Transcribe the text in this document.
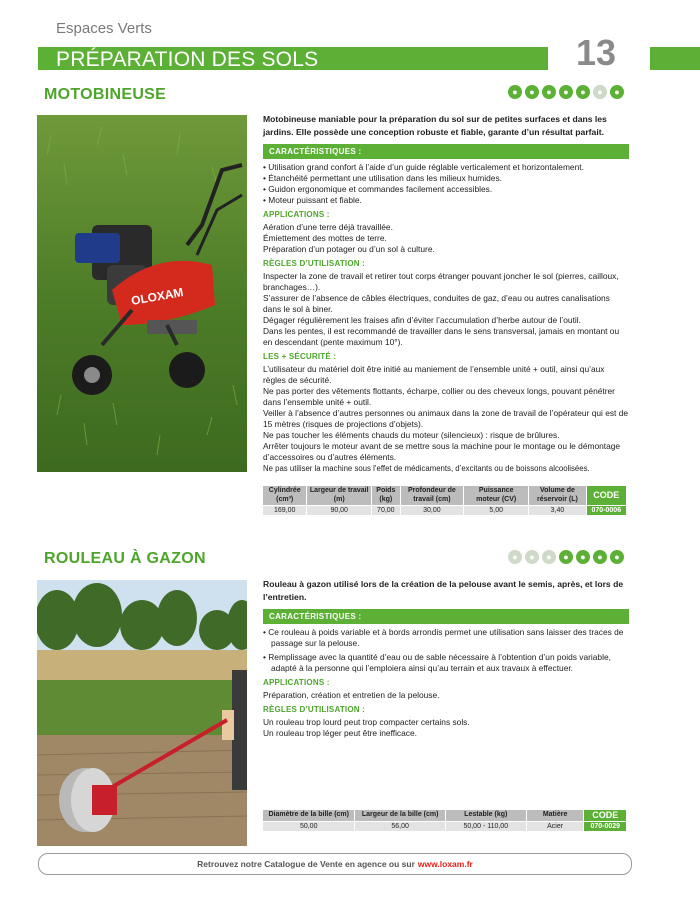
Espaces Verts
PRÉPARATION DES SOLS	13
MOTOBINEUSE	●	●	●	●	●	●	●
OLOXAM
Motobineuse maniable pour la préparation du sol sur de petites surfaces et dans les jardins. Elle possède une conception robuste et fiable, garante d’un résultat parfait.
CARACTÉRISTIQUES :
• Utilisation grand confort à l’aide d’un guide réglable verticalement et horizontalement.
• Étanchéité permettant une utilisation dans les milieux humides.
• Guidon ergonomique et commandes facilement accessibles.
• Moteur puissant et fiable.
APPLICATIONS :
Aération d’une terre déjà travaillée.
Émiettement des mottes de terre.
Préparation d’un potager ou d’un sol à culture.
RÈGLES D’UTILISATION :
Inspecter la zone de travail et retirer tout corps étranger pouvant joncher le sol (pierres, cailloux, branchages…).
S’assurer de l’absence de câbles électriques, conduites de gaz, d’eau ou autres canalisations dans le sol à biner.
Dégager régulièrement les fraises afin d’éviter l’accumulation d’herbe autour de l’outil.
Dans les pentes, il est recommandé de travailler dans le sens transversal, jamais en montant ou en descendant (pente maximum 10°).
LES + SÉCURITÉ :
L’utilisateur du matériel doit être initié au maniement de l’ensemble unité + outil, ainsi qu’aux règles de sécurité.
Ne pas porter des vêtements flottants, écharpe, collier ou des cheveux longs, pouvant pénétrer dans l’ensemble unité + outil.
Veiller à l’absence d’autres personnes ou animaux dans la zone de travail de l’opérateur qui est de 15 mètres (risques de projections d’objets).
Ne pas toucher les éléments chauds du moteur (silencieux) : risque de brûlures.
Arrêter toujours le moteur avant de se mettre sous la machine pour le montage ou le démontage d’accessoires ou d’autres éléments.
Ne pas utiliser la machine sous l’effet de médicaments, d’excitants ou de boissons alcoolisées.
Cylindrée (cm³)	Largeur de travail (m)	Poids (kg)	Profondeur de travail (cm)	Puissance moteur (CV)	Volume de réservoir (L)	CODE
169,00	90,00	70,00	30,00	5,00	3,40	070-0006
ROULEAU À GAZON	●	●	●	●	●	●	●
Rouleau à gazon utilisé lors de la création de la pelouse avant le semis, après, et lors de l’entretien.
CARACTÉRISTIQUES :
• Ce rouleau à poids variable et à bords arrondis permet une utilisation sans laisser des traces de passage sur la pelouse.
• Remplissage avec la quantité d’eau ou de sable nécessaire à l’obtention d’un poids variable, adapté à la personne qui l’emploiera ainsi qu’au terrain et aux travaux à effectuer.
APPLICATIONS :
Préparation, création et entretien de la pelouse.
RÈGLES D’UTILISATION :
Un rouleau trop lourd peut trop compacter certains sols.
Un rouleau trop léger peut être inefficace.
Diamètre de la bille (cm)	Largeur de la bille (cm)	Lestable (kg)	Matière	CODE
50,00	56,00	50,00 - 110,00	Acier	070-0029
Retrouvez notre Catalogue de Vente en agence ou sur www.loxam.fr
